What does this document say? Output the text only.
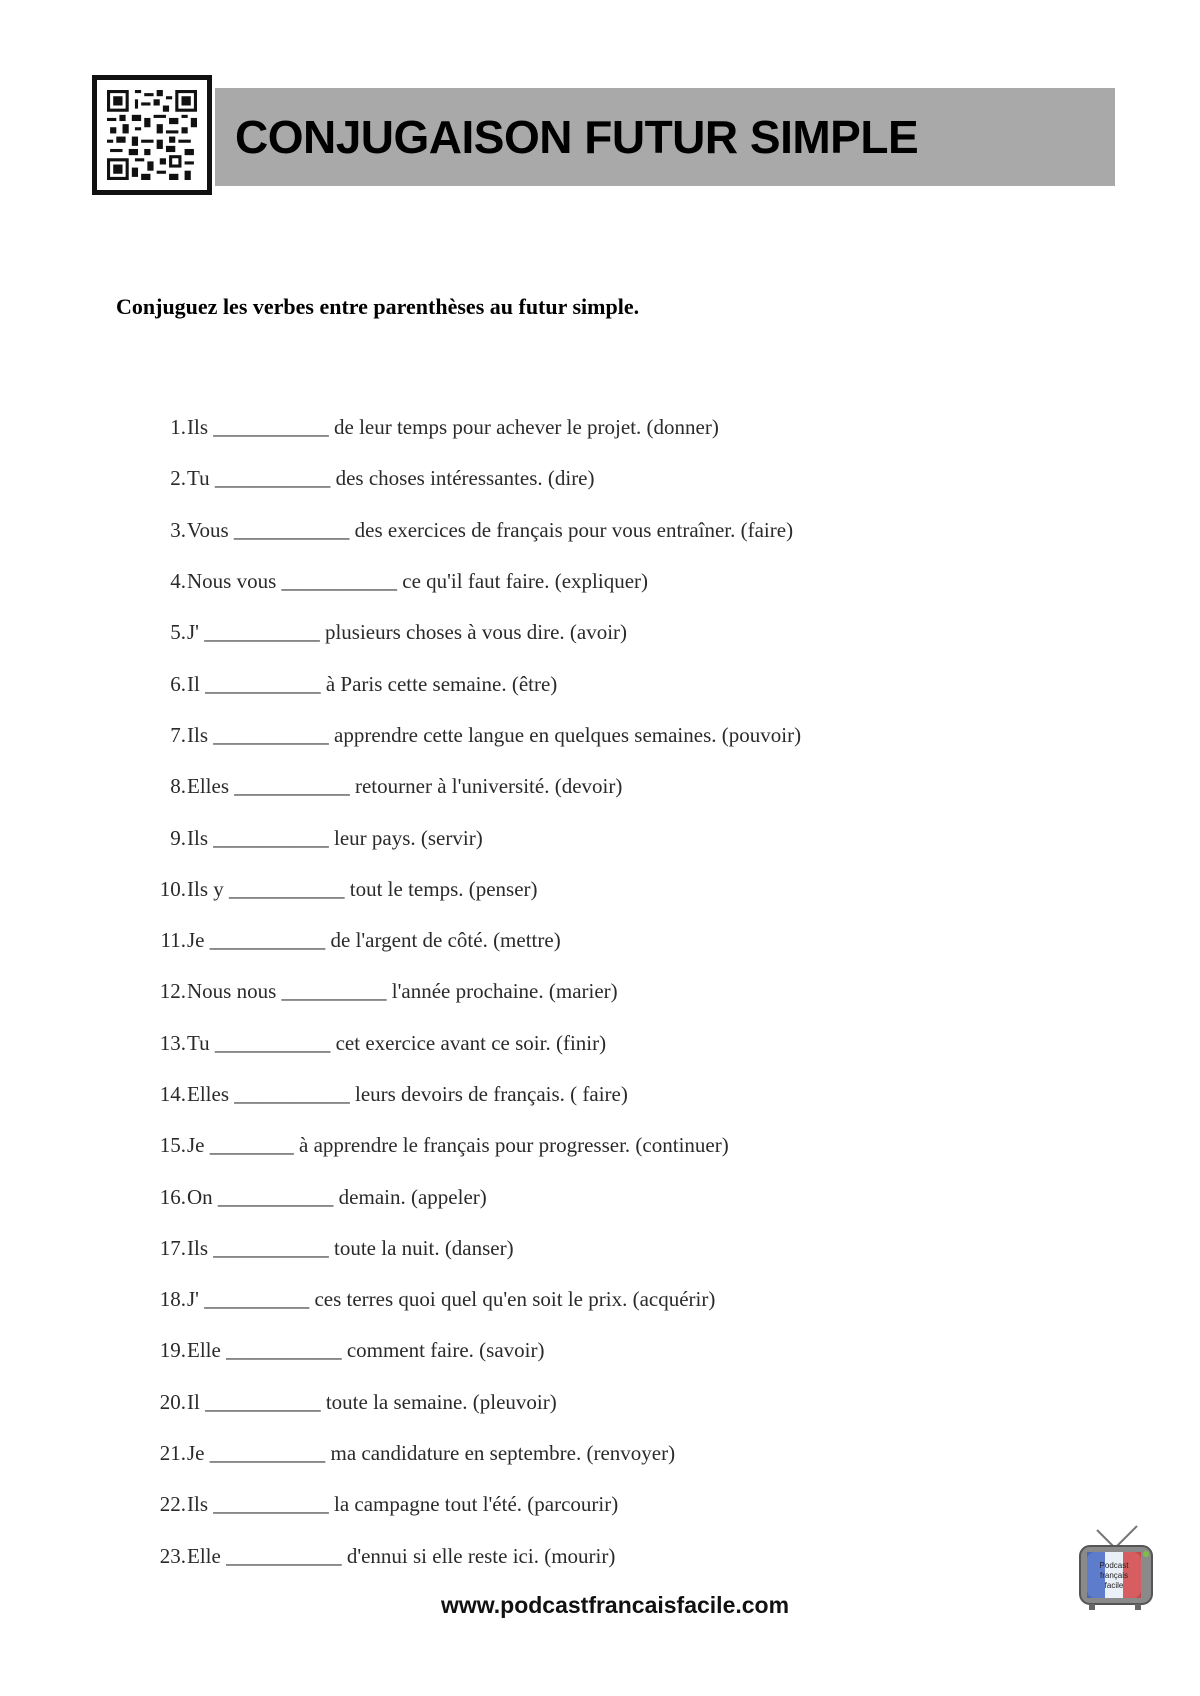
CONJUGAISON FUTUR SIMPLE
Conjuguez les verbes entre parenthèses au futur simple.
1. Ils ___________ de leur temps pour achever le projet. (donner)
2. Tu ___________ des choses intéressantes. (dire)
3. Vous ___________ des exercices de français pour vous entraîner. (faire)
4. Nous vous ___________ ce qu'il faut faire. (expliquer)
5. J' ___________ plusieurs choses à vous dire. (avoir)
6. Il ___________ à Paris cette semaine. (être)
7. Ils ___________ apprendre cette langue en quelques semaines. (pouvoir)
8. Elles ___________ retourner à l'université. (devoir)
9. Ils ___________ leur pays. (servir)
10. Ils y ___________ tout le temps. (penser)
11. Je ___________ de l'argent de côté. (mettre)
12. Nous nous __________ l'année prochaine. (marier)
13. Tu ___________ cet exercice avant ce soir. (finir)
14. Elles ___________ leurs devoirs de français. ( faire)
15. Je ________ à apprendre le français pour progresser. (continuer)
16. On ___________ demain. (appeler)
17. Ils ___________ toute la nuit. (danser)
18. J' __________ ces terres quoi quel qu'en soit le prix. (acquérir)
19. Elle ___________ comment faire. (savoir)
20. Il ___________ toute la semaine. (pleuvoir)
21. Je ___________ ma candidature en septembre. (renvoyer)
22. Ils ___________ la campagne tout l'été. (parcourir)
23. Elle ___________ d'ennui si elle reste ici. (mourir)
www.podcastfrancaisfacile.com
Podcast
français
facile
